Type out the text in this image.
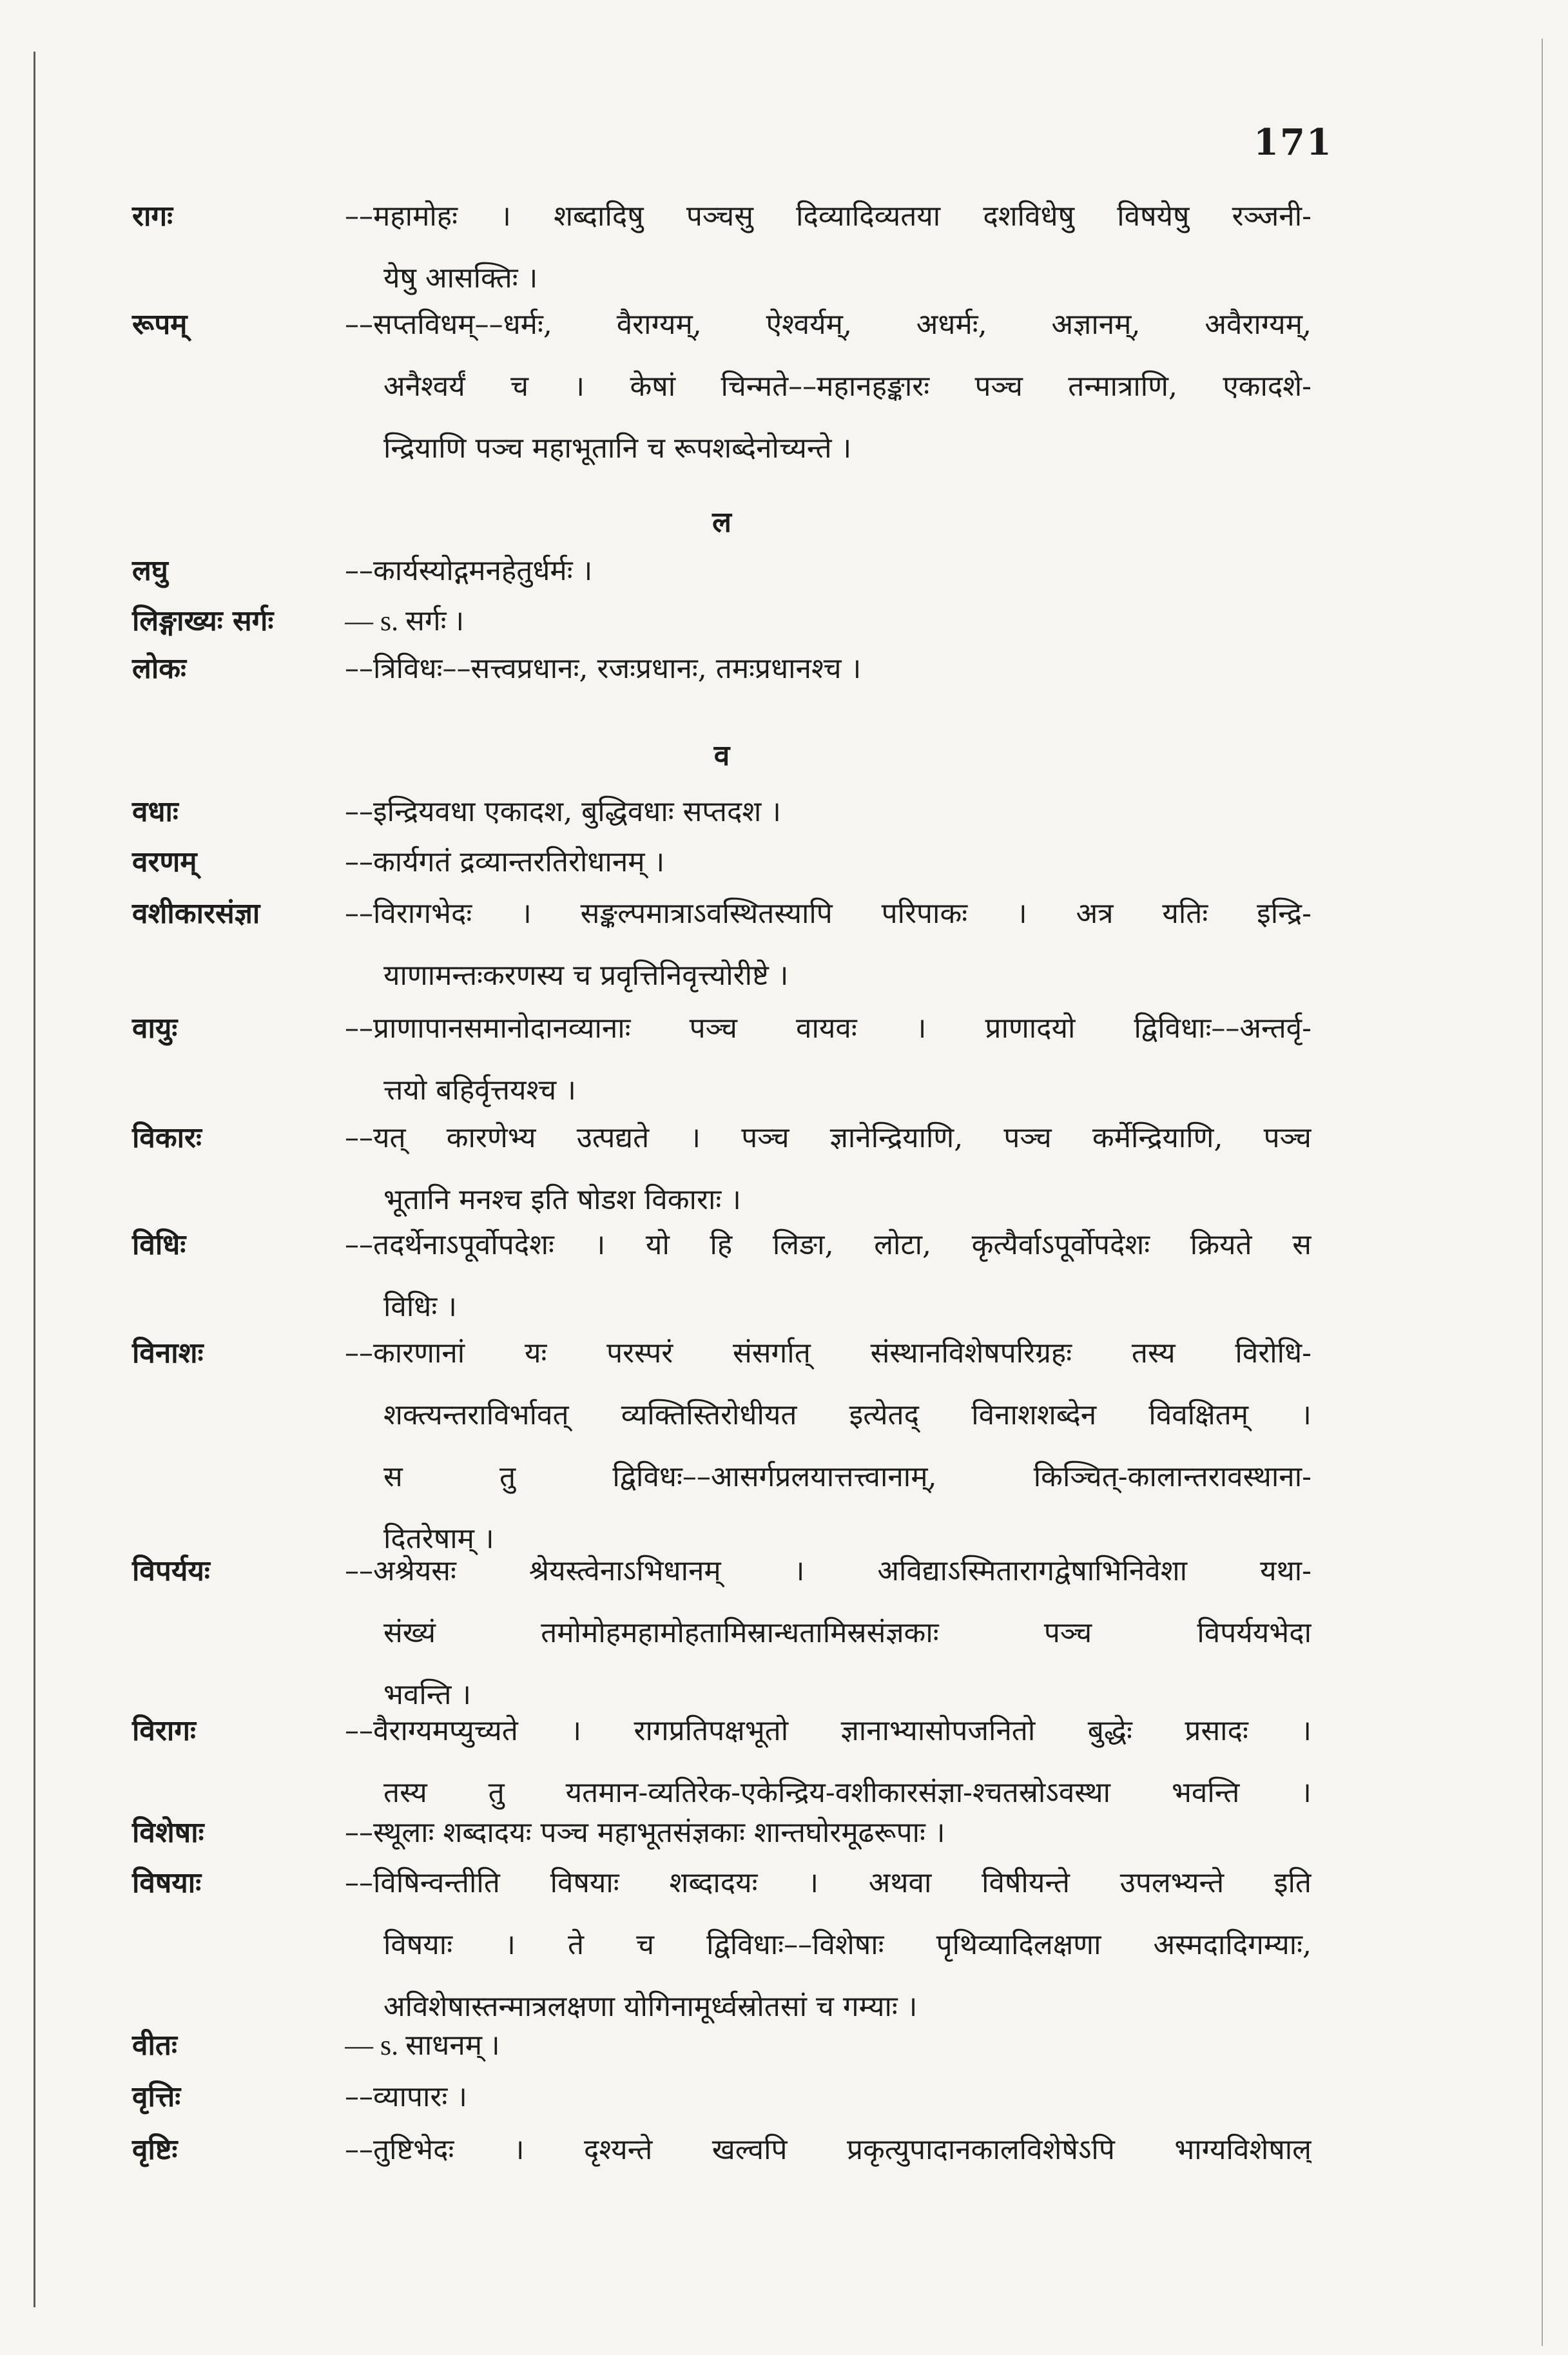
171
रागः	––महामोहः । शब्दादिषु पञ्चसु दिव्यादिव्यतया दशविधेषु विषयेषु रञ्जनी-
येषु आसक्तिः ।
रूपम्	––सप्तविधम्––धर्मः, वैराग्यम्, ऐश्वर्यम्, अधर्मः, अज्ञानम्, अवैराग्यम्,
अनैश्वर्यं च । केषां चिन्मते––महानहङ्कारः पञ्च तन्मात्राणि, एकादशे-
न्द्रियाणि पञ्च महाभूतानि च रूपशब्देनोच्यन्ते ।
ल
लघु	––कार्यस्योद्गमनहेतुर्धर्मः ।
लिङ्गाख्यः सर्गः	–– s. सर्गः ।
लोकः	––त्रिविधः––सत्त्वप्रधानः, रजःप्रधानः, तमःप्रधानश्च ।
व
वधाः	––इन्द्रियवधा एकादश, बुद्धिवधाः सप्तदश ।
वरणम्	––कार्यगतं द्रव्यान्तरतिरोधानम् ।
वशीकारसंज्ञा	––विरागभेदः । सङ्कल्पमात्राऽवस्थितस्यापि परिपाकः । अत्र यतिः इन्द्रि-
याणामन्तःकरणस्य च प्रवृत्तिनिवृत्त्योरीष्टे ।
वायुः	––प्राणापानसमानोदानव्यानाः पञ्च वायवः । प्राणादयो द्विविधाः––अन्तर्वृ-
त्तयो बहिर्वृत्तयश्च ।
विकारः	––यत् कारणेभ्य उत्पद्यते । पञ्च ज्ञानेन्द्रियाणि, पञ्च कर्मेन्द्रियाणि, पञ्च
भूतानि मनश्च इति षोडश विकाराः ।
विधिः	––तदर्थेनाऽपूर्वोपदेशः । यो हि लिङा, लोटा, कृत्यैर्वाऽपूर्वोपदेशः क्रियते स
विधिः ।
विनाशः	––कारणानां यः परस्परं संसर्गात् संस्थानविशेषपरिग्रहः तस्य विरोधि-
शक्त्यन्तराविर्भावत् व्यक्तिस्तिरोधीयत इत्येतद् विनाशशब्देन विवक्षितम् ।
स तु द्विविधः––आसर्गप्रलयात्तत्त्वानाम्, किञ्चित्-कालान्तरावस्थाना-
दितरेषाम् ।
विपर्ययः	––अश्रेयसः श्रेयस्त्वेनाऽभिधानम् । अविद्याऽस्मितारागद्वेषाभिनिवेशा यथा-
संख्यं तमोमोहमहामोहतामिस्रान्धतामिस्रसंज्ञकाः पञ्च विपर्ययभेदा
भवन्ति ।
विरागः	––वैराग्यमप्युच्यते । रागप्रतिपक्षभूतो ज्ञानाभ्यासोपजनितो बुद्धेः प्रसादः ।
तस्य तु यतमान-व्यतिरेक-एकेन्द्रिय-वशीकारसंज्ञा-श्चतस्रोऽवस्था भवन्ति ।
विशेषाः	––स्थूलाः शब्दादयः पञ्च महाभूतसंज्ञकाः शान्तघोरमूढरूपाः ।
विषयाः	––विषिन्वन्तीति विषयाः शब्दादयः । अथवा विषीयन्ते उपलभ्यन्ते इति
विषयाः । ते च द्विविधाः––विशेषाः पृथिव्यादिलक्षणा अस्मदादिगम्याः,
अविशेषास्तन्मात्रलक्षणा योगिनामूर्ध्वस्रोतसां च गम्याः ।
वीतः	–– s. साधनम् ।
वृत्तिः	––व्यापारः ।
वृष्टिः	––तुष्टिभेदः । दृश्यन्ते खल्वपि प्रकृत्युपादानकालविशेषेऽपि भाग्यविशेषाल्
